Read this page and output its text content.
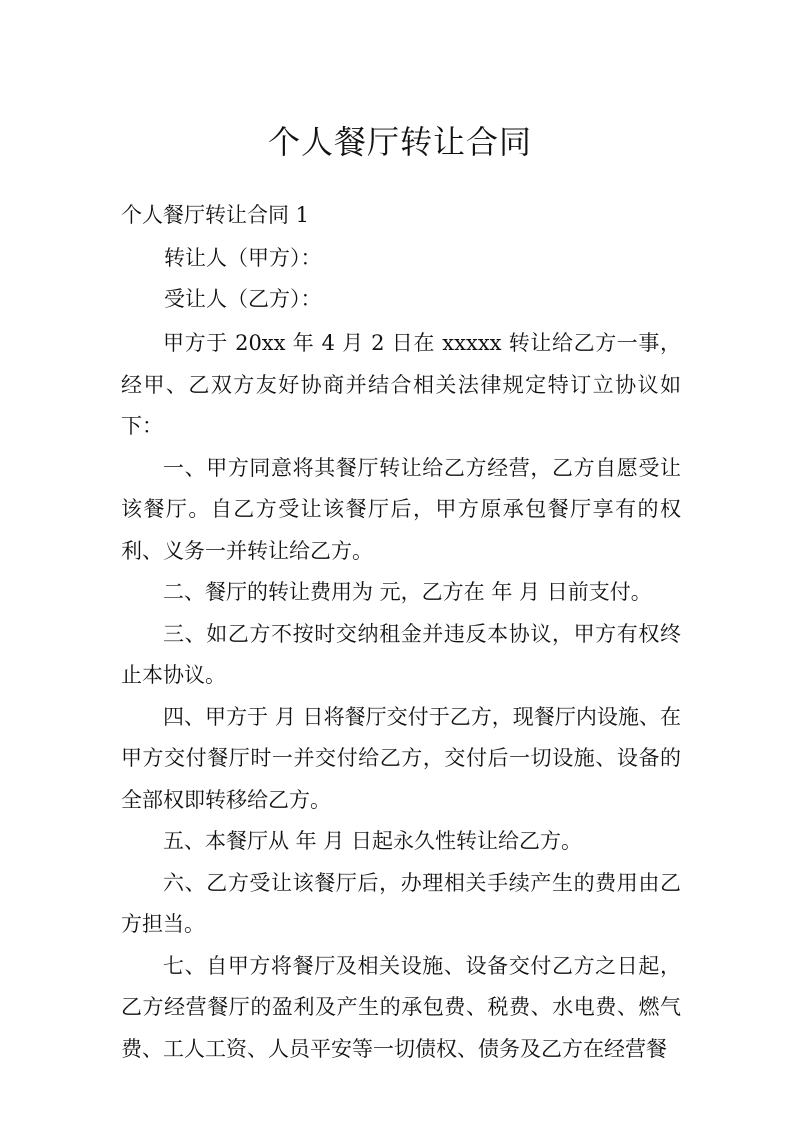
个人餐厅转让合同
个人餐厅转让合同 1
转让人（甲方）：
受让人（乙方）：

甲方于 20xx 年 4 月 2 日在 xxxxx 转让给乙方一事，经甲、乙双方友好协商并结合相关法律规定特订立协议如下：

一、甲方同意将其餐厅转让给乙方经营，乙方自愿受让该餐厅。自乙方受让该餐厅后，甲方原承包餐厅享有的权利、义务一并转让给乙方。

二、餐厅的转让费用为 元，乙方在 年 月 日前支付。

三、如乙方不按时交纳租金并违反本协议，甲方有权终止本协议。

四、甲方于 月 日将餐厅交付于乙方，现餐厅内设施、在甲方交付餐厅时一并交付给乙方，交付后一切设施、设备的全部权即转移给乙方。

五、本餐厅从 年 月 日起永久性转让给乙方。

六、乙方受让该餐厅后，办理相关手续产生的费用由乙方担当。

七、自甲方将餐厅及相关设施、设备交付乙方之日起，乙方经营餐厅的盈利及产生的承包费、税费、水电费、燃气费、工人工资、人员平安等一切债权、债务及乙方在经营餐
